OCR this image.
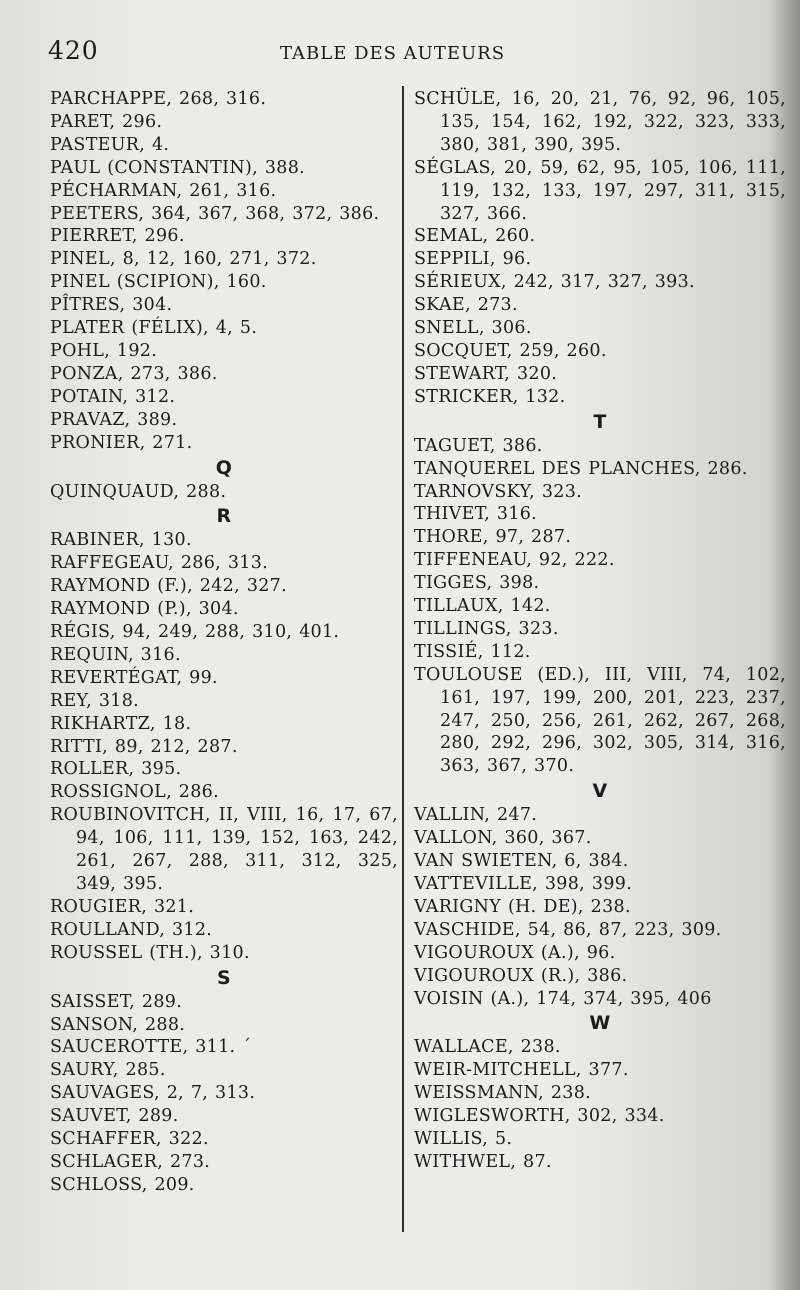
420	TABLE DES AUTEURS
PARCHAPPE, 268, 316.
PARET, 296.
PASTEUR, 4.
PAUL (CONSTANTIN), 388.
PÉCHARMAN, 261, 316.
PEETERS, 364, 367, 368, 372, 386.
PIERRET, 296.
PINEL, 8, 12, 160, 271, 372.
PINEL (SCIPION), 160.
PÎTRES, 304.
PLATER (FÉLIX), 4, 5.
POHL, 192.
PONZA, 273, 386.
POTAIN, 312.
PRAVAZ, 389.
PRONIER, 271.
Q
QUINQUAUD, 288.
R
RABINER, 130.
RAFFEGEAU, 286, 313.
RAYMOND (F.), 242, 327.
RAYMOND (P.), 304.
RÉGIS, 94, 249, 288, 310, 401.
REQUIN, 316.
REVERTÉGAT, 99.
REY, 318.
RIKHARTZ, 18.
RITTI, 89, 212, 287.
ROLLER, 395.
ROSSIGNOL, 286.
ROUBINOVITCH, II, VIII, 16, 17, 67, 94, 106, 111, 139, 152, 163, 242, 261, 267, 288, 311, 312, 325, 349, 395.
ROUGIER, 321.
ROULLAND, 312.
ROUSSEL (TH.), 310.
S
SAISSET, 289.
SANSON, 288.
SAUCEROTTE, 311. ´
SAURY, 285.
SAUVAGES, 2, 7, 313.
SAUVET, 289.
SCHAFFER, 322.
SCHLAGER, 273.
SCHLOSS, 209.
SCHÜLE, 16, 20, 21, 76, 92, 96, 105, 135, 154, 162, 192, 322, 323, 333, 380, 381, 390, 395.
SÉGLAS, 20, 59, 62, 95, 105, 106, 111, 119, 132, 133, 197, 297, 311, 315, 327, 366.
SEMAL, 260.
SEPPILI, 96.
SÉRIEUX, 242, 317, 327, 393.
SKAE, 273.
SNELL, 306.
SOCQUET, 259, 260.
STEWART, 320.
STRICKER, 132.
T
TAGUET, 386.
TANQUEREL DES PLANCHES, 286.
TARNOVSKY, 323.
THIVET, 316.
THORE, 97, 287.
TIFFENEAU, 92, 222.
TIGGES, 398.
TILLAUX, 142.
TILLINGS, 323.
TISSIÉ, 112.
TOULOUSE (ED.), III, VIII, 74, 102, 161, 197, 199, 200, 201, 223, 237, 247, 250, 256, 261, 262, 267, 268, 280, 292, 296, 302, 305, 314, 316, 363, 367, 370.
V
VALLIN, 247.
VALLON, 360, 367.
VAN SWIETEN, 6, 384.
VATTEVILLE, 398, 399.
VARIGNY (H. DE), 238.
VASCHIDE, 54, 86, 87, 223, 309.
VIGOUROUX (A.), 96.
VIGOUROUX (R.), 386.
VOISIN (A.), 174, 374, 395, 406
W
WALLACE, 238.
WEIR-MITCHELL, 377.
WEISSMANN, 238.
WIGLESWORTH, 302, 334.
WILLIS, 5.
WITHWEL, 87.
